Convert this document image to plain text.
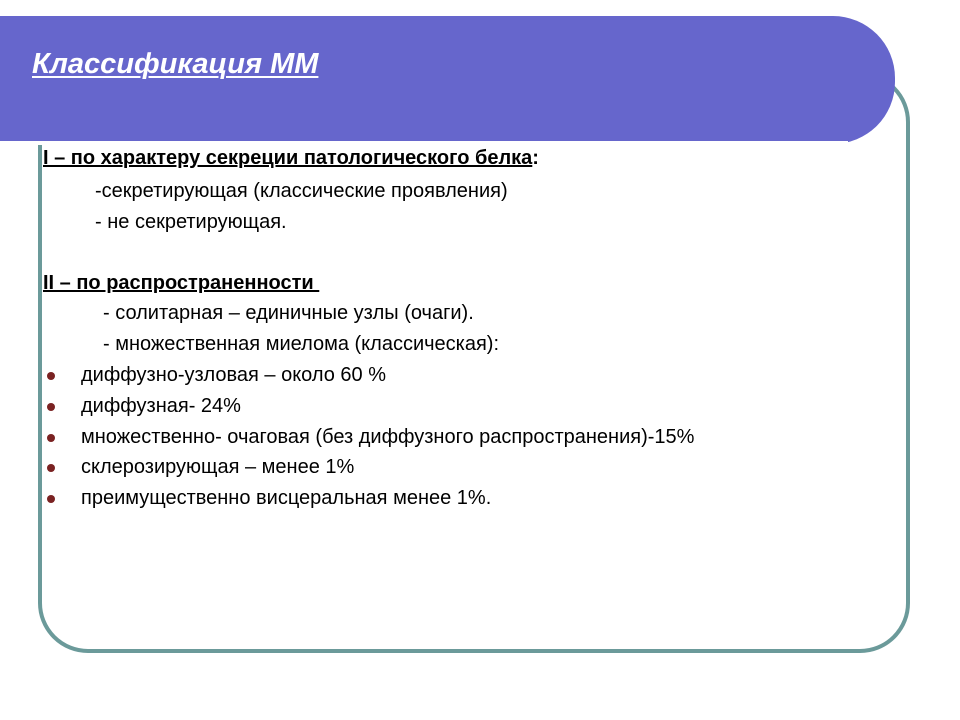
Классификация ММ
I – по характеру секреции патологического белка:
-секретирующая (классические проявления)
- не секретирующая.
II – по распространенности
- солитарная – единичные узлы (очаги).
- множественная миелома (классическая):
диффузно-узловая – около 60 %
диффузная- 24%
множественно- очаговая (без диффузного распространения)-15%
склерозирующая – менее 1%
преимущественно висцеральная менее 1%.
